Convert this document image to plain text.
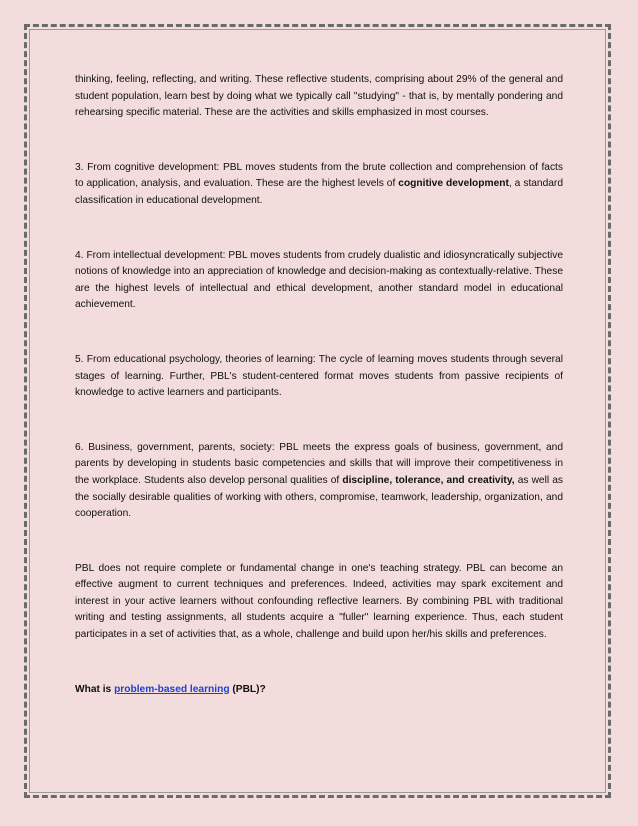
thinking, feeling, reflecting, and writing. These reflective students, comprising about 29% of the general and student population, learn best by doing what we typically call "studying" - that is, by mentally pondering and rehearsing specific material. These are the activities and skills emphasized in most courses.

3. From cognitive development: PBL moves students from the brute collection and comprehension of facts to application, analysis, and evaluation. These are the highest levels of cognitive development, a standard classification in educational development.

4. From intellectual development: PBL moves students from crudely dualistic and idiosyncratically subjective notions of knowledge into an appreciation of knowledge and decision-making as contextually-relative. These are the highest levels of intellectual and ethical development, another standard model in educational achievement.

5. From educational psychology, theories of learning: The cycle of learning moves students through several stages of learning. Further, PBL's student-centered format moves students from passive recipients of knowledge to active learners and participants.

6. Business, government, parents, society: PBL meets the express goals of business, government, and parents by developing in students basic competencies and skills that will improve their competitiveness in the workplace. Students also develop personal qualities of discipline, tolerance, and creativity, as well as the socially desirable qualities of working with others, compromise, teamwork, leadership, organization, and cooperation.

PBL does not require complete or fundamental change in one's teaching strategy. PBL can become an effective augment to current techniques and preferences. Indeed, activities may spark excitement and interest in your active learners without confounding reflective learners. By combining PBL with traditional writing and testing assignments, all students acquire a "fuller" learning experience. Thus, each student participates in a set of activities that, as a whole, challenge and build upon her/his skills and preferences.

What is problem-based learning (PBL)?
